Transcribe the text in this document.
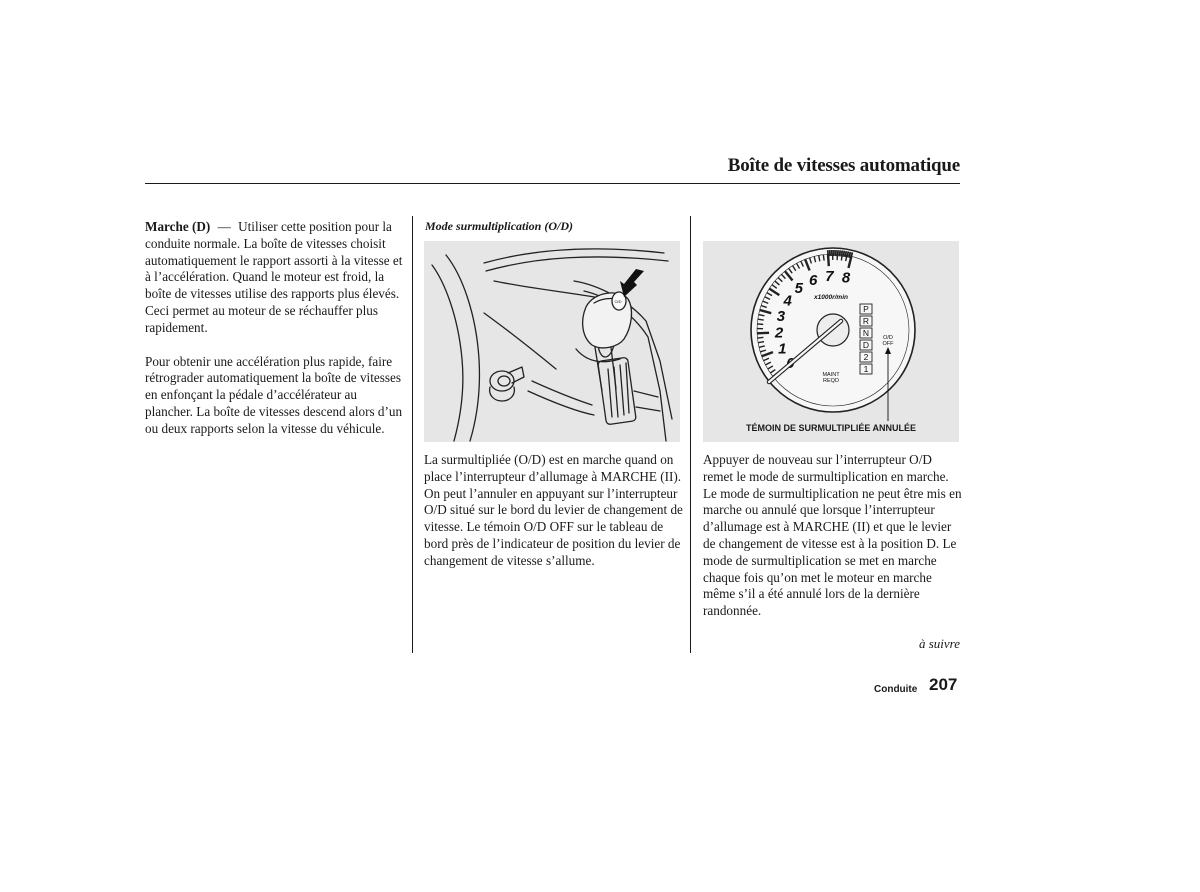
Boîte de vitesses automatique

Marche (D) — Utiliser cette position pour la conduite normale. La boîte de vitesses choisit automatiquement le rapport assorti à la vitesse et à l’accélération. Quand le moteur est froid, la boîte de vitesses utilise des rapports plus élevés. Ceci permet au moteur de se réchauffer plus rapidement.

Pour obtenir une accélération plus rapide, faire rétrograder automatiquement la boîte de vitesses en enfonçant la pédale d’accélérateur au plancher. La boîte de vitesses descend alors d’un ou deux rapports selon la vitesse du véhicule.

Mode surmultiplication (O/D)
O/D

La surmultipliée (O/D) est en marche quand on place l’interrupteur d’allumage à MARCHE (II). On peut l’annuler en appuyant sur l’interrupteur O/D situé sur le bord du levier de changement de vitesse. Le témoin O/D OFF sur le tableau de bord près de l’indicateur de position du levier de changement de vitesse s’allume.

1
2
3
4
5 6 7 8
x1000r/min
P
R
N
D
2
1
O/D
OFF
MAINT
REQD
TÉMOIN DE SURMULTIPLIÉE ANNULÉE

Appuyer de nouveau sur l’interrupteur O/D remet le mode de surmultiplication en marche.

Le mode de surmultiplication ne peut être mis en marche ou annulé que lorsque l’interrupteur d’allumage est à MARCHE (II) et que le levier de changement de vitesse est à la position D. Le mode de surmultiplication se met en marche chaque fois qu’on met le moteur en marche même s’il a été annulé lors de la dernière randonnée.

à suivre
Conduite 207
